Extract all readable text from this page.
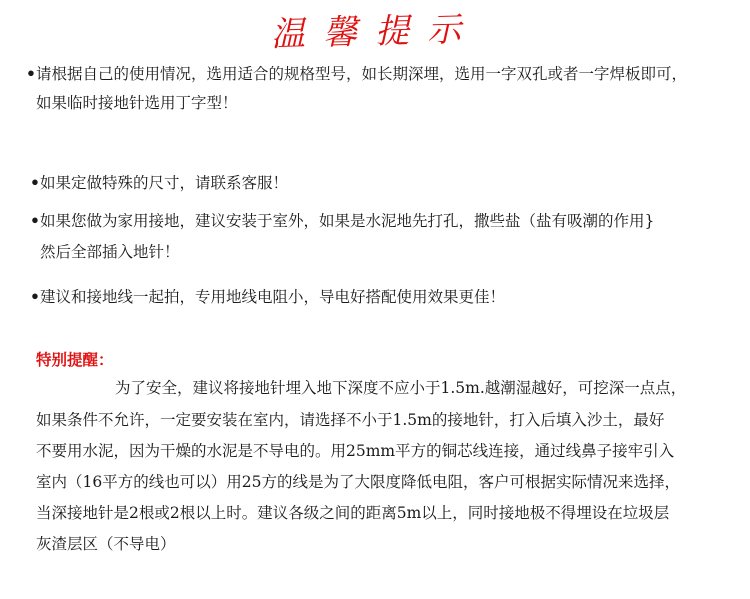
温馨提示
•请根据自己的使用情况，选用适合的规格型号，如长期深埋，选用一字双孔或者一字焊板即可，
如果临时接地针选用丁字型！
•如果定做特殊的尺寸，请联系客服！
•如果您做为家用接地，建议安装于室外，如果是水泥地先打孔，撒些盐（盐有吸潮的作用}
然后全部插入地针！
•建议和接地线一起拍，专用地线电阻小，导电好搭配使用效果更佳！
特别提醒：
为了安全，建议将接地针埋入地下深度不应小于1.5m.越潮湿越好，可挖深一点点，
如果条件不允许，一定要安装在室内，请选择不小于1.5m的接地针，打入后填入沙土，最好
不要用水泥，因为干燥的水泥是不导电的。用25mm平方的铜芯线连接，通过线鼻子接牢引入
室内（16平方的线也可以）用25方的线是为了大限度降低电阻，客户可根据实际情况来选择，
当深接地针是2根或2根以上时。建议各级之间的距离5m以上，同时接地极不得埋设在垃圾层
灰渣层区（不导电）
